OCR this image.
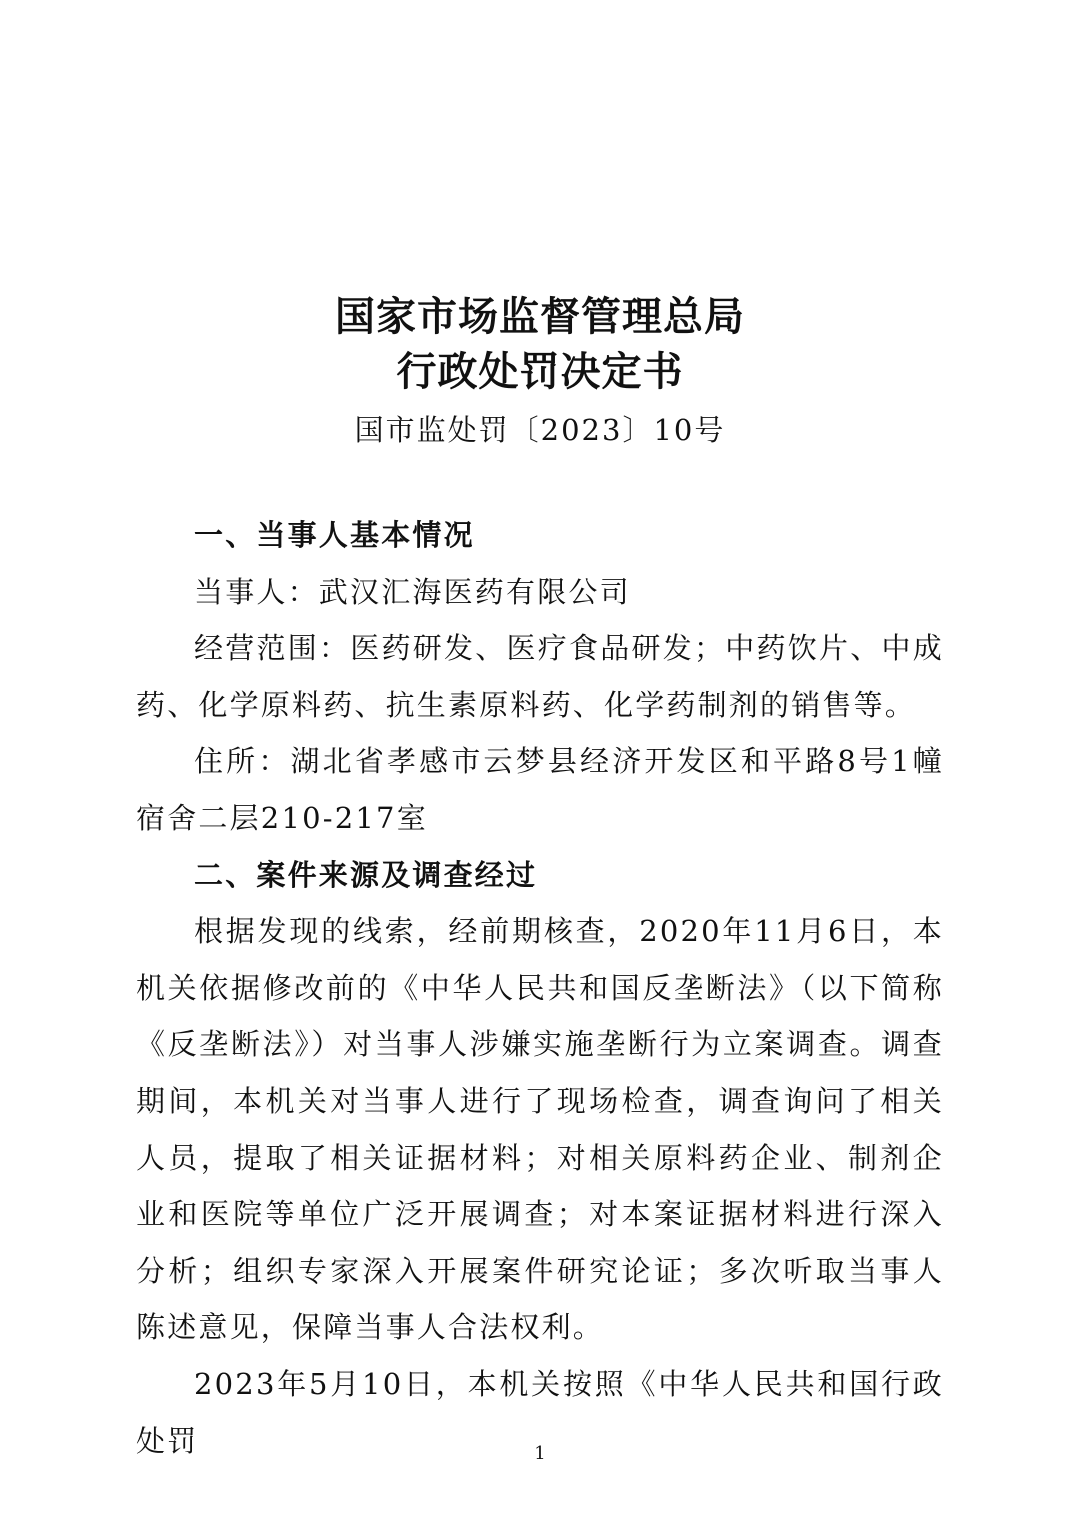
国家市场监督管理总局
行政处罚决定书
国市监处罚〔2023〕10号

一、当事人基本情况

当事人：武汉汇海医药有限公司

经营范围：医药研发、医疗食品研发；中药饮片、中成药、化学原料药、抗生素原料药、化学药制剂的销售等。

住所：湖北省孝感市云梦县经济开发区和平路8号1幢宿舍二层210-217室

二、案件来源及调查经过

根据发现的线索，经前期核查，2020年11月6日，本机关依据修改前的《中华人民共和国反垄断法》（以下简称《反垄断法》）对当事人涉嫌实施垄断行为立案调查。调查期间，本机关对当事人进行了现场检查，调查询问了相关人员，提取了相关证据材料；对相关原料药企业、制剂企业和医院等单位广泛开展调查；对本案证据材料进行深入分析；组织专家深入开展案件研究论证；多次听取当事人陈述意见，保障当事人合法权利。

2023年5月10日，本机关按照《中华人民共和国行政处罚	1
